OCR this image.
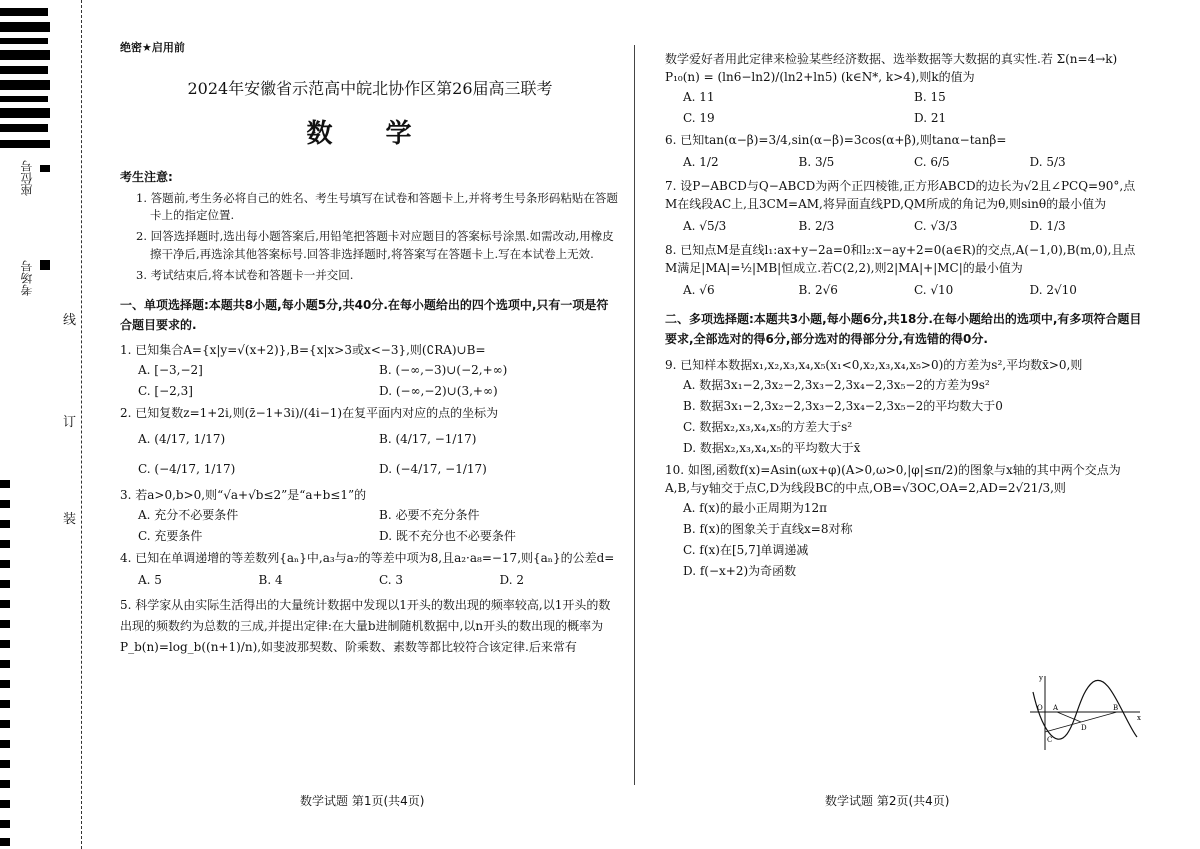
座位号
考场号
线
订
装
绝密★启用前
2024年安徽省示范高中皖北协作区第26届高三联考
数 学
考生注意:
1. 答题前,考生务必将自己的姓名、考生号填写在试卷和答题卡上,并将考生号条形码粘贴在答题卡上的指定位置.
2. 回答选择题时,选出每小题答案后,用铅笔把答题卡对应题目的答案标号涂黑.如需改动,用橡皮擦干净后,再选涂其他答案标号.回答非选择题时,将答案写在答题卡上.写在本试卷上无效.
3. 考试结束后,将本试卷和答题卡一并交回.
一、单项选择题:本题共8小题,每小题5分,共40分.在每小题给出的四个选项中,只有一项是符合题目要求的.
1. 已知集合A={x|y=√(x+2)},B={x|x>3或x<−3},则(∁RA)∪B=
A. [−3,−2]	B. (−∞,−3)∪(−2,+∞)
C. [−2,3]	D. (−∞,−2)∪(3,+∞)
2. 已知复数z=1+2i,则(z̄−1+3i)/(4i−1)在复平面内对应的点的坐标为
A. (4/17, 1/17)	B. (4/17, −1/17)
C. (−4/17, 1/17)	D. (−4/17, −1/17)
3. 若a>0,b>0,则“√a+√b≤2”是“a+b≤1”的
A. 充分不必要条件	B. 必要不充分条件
C. 充要条件	D. 既不充分也不必要条件
4. 已知在单调递增的等差数列{aₙ}中,a₃与a₇的等差中项为8,且a₂·a₈=−17,则{aₙ}的公差d=
A. 5	B. 4	C. 3	D. 2
5. 科学家从由实际生活得出的大量统计数据中发现以1开头的数出现的频率较高,以1开头的数出现的频数约为总数的三成,并提出定律:在大量b进制随机数据中,以n开头的数出现的概率为P_b(n)=log_b((n+1)/n),如斐波那契数、阶乘数、素数等都比较符合该定律.后来常有
数学试题 第1页(共4页)
数学爱好者用此定律来检验某些经济数据、选举数据等大数据的真实性.若 Σ(n=4→k) P₁₀(n) = (ln6−ln2)/(ln2+ln5) (k∈N*, k>4),则k的值为
A. 11	B. 15
C. 19	D. 21
6. 已知tan(α−β)=3/4,sin(α−β)=3cos(α+β),则tanα−tanβ=
A. 1/2	B. 3/5	C. 6/5	D. 5/3
7. 设P−ABCD与Q−ABCD为两个正四棱锥,正方形ABCD的边长为√2且∠PCQ=90°,点M在线段AC上,且3CM=AM,将异面直线PD,QM所成的角记为θ,则sinθ的最小值为
A. √5/3	B. 2/3	C. √3/3	D. 1/3
8. 已知点M是直线l₁:ax+y−2a=0和l₂:x−ay+2=0(a∈R)的交点,A(−1,0),B(m,0),且点M满足|MA|=½|MB|恒成立.若C(2,2),则2|MA|+|MC|的最小值为
A. √6	B. 2√6	C. √10	D. 2√10
二、多项选择题:本题共3小题,每小题6分,共18分.在每小题给出的选项中,有多项符合题目要求,全部选对的得6分,部分选对的得部分分,有选错的得0分.
9. 已知样本数据x₁,x₂,x₃,x₄,x₅(x₁<0,x₂,x₃,x₄,x₅>0)的方差为s²,平均数x̄>0,则
A. 数据3x₁−2,3x₂−2,3x₃−2,3x₄−2,3x₅−2的方差为9s²
B. 数据3x₁−2,3x₂−2,3x₃−2,3x₄−2,3x₅−2的平均数大于0
C. 数据x₂,x₃,x₄,x₅的方差大于s²
D. 数据x₂,x₃,x₄,x₅的平均数大于x̄
10. 如图,函数f(x)=Asin(ωx+φ)(A>0,ω>0,|φ|≤π/2)的图象与x轴的其中两个交点为A,B,与y轴交于点C,D为线段BC的中点,OB=√3OC,OA=2,AD=2√21/3,则
A. f(x)的最小正周期为12π
B. f(x)的图象关于直线x=8对称
C. f(x)在[5,7]单调递减
D. f(−x+2)为奇函数
y
O A	B
x
C
D
数学试题 第2页(共4页)
